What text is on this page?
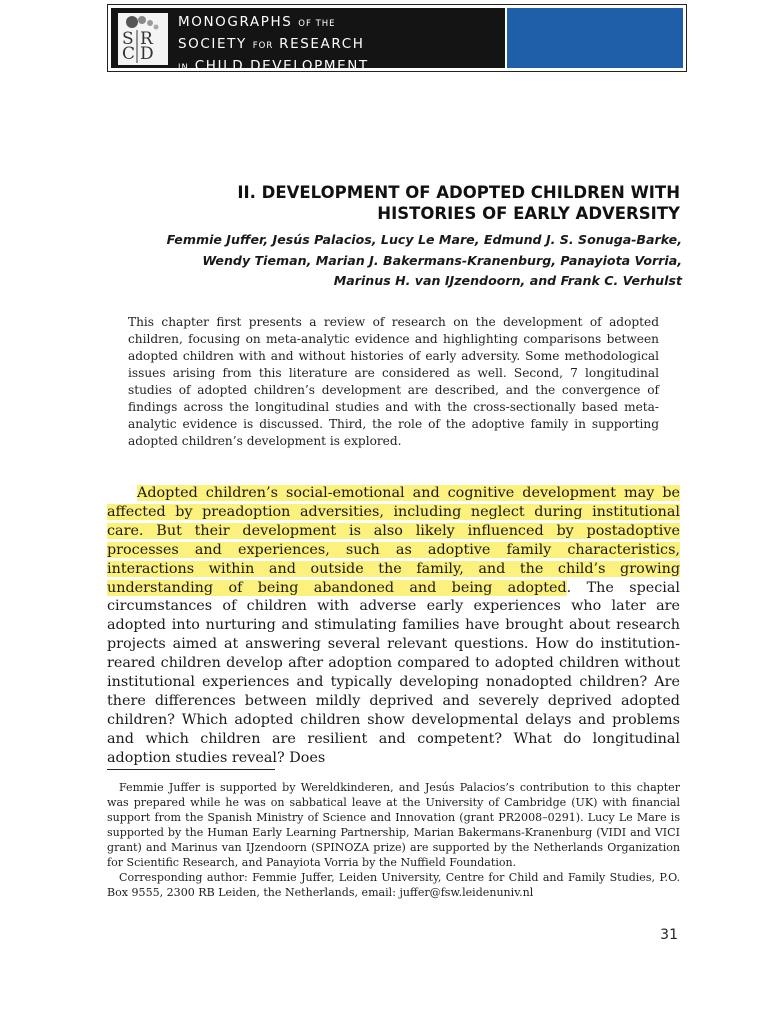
S R
C D
MONOGRAPHS OF THE
SOCIETY FOR RESEARCH
IN CHILD DEVELOPMENT
II. DEVELOPMENT OF ADOPTED CHILDREN WITH
HISTORIES OF EARLY ADVERSITY
Femmie Juffer, Jesús Palacios, Lucy Le Mare, Edmund J. S. Sonuga-Barke,
Wendy Tieman, Marian J. Bakermans-Kranenburg, Panayiota Vorria,
Marinus H. van IJzendoorn, and Frank C. Verhulst
This chapter first presents a review of research on the development of adopted children, focusing on meta-analytic evidence and highlighting comparisons between adopted children with and without histories of early adversity. Some methodological issues arising from this literature are considered as well. Second, 7 longitudinal studies of adopted children’s development are described, and the convergence of findings across the longitudinal studies and with the cross-sectionally based meta-analytic evidence is discussed. Third, the role of the adoptive family in supporting adopted children’s development is explored.
Adopted children’s social-emotional and cognitive development may be affected by preadoption adversities, including neglect during institutional care. But their development is also likely influenced by postadoptive processes and experiences, such as adoptive family characteristics, interactions within and outside the family, and the child’s growing understanding of being abandoned and being adopted. The special circumstances of children with adverse early experiences who later are adopted into nurturing and stimulating families have brought about research projects aimed at answering several relevant questions. How do institution-reared children develop after adoption compared to adopted children without institutional experiences and typically developing nonadopted children? Are there differences between mildly deprived and severely deprived adopted children? Which adopted children show developmental delays and problems and which children are resilient and competent? What do longitudinal adoption studies reveal? Does

Femmie Juffer is supported by Wereldkinderen, and Jesús Palacios’s contribution to this chapter was prepared while he was on sabbatical leave at the University of Cambridge (UK) with financial support from the Spanish Ministry of Science and Innovation (grant PR2008–0291). Lucy Le Mare is supported by the Human Early Learning Partnership, Marian Bakermans-Kranenburg (VIDI and VICI grant) and Marinus van IJzendoorn (SPINOZA prize) are supported by the Netherlands Organization for Scientific Research, and Panayiota Vorria by the Nuffield Foundation.

Corresponding author: Femmie Juffer, Leiden University, Centre for Child and Family Studies, P.O. Box 9555, 2300 RB Leiden, the Netherlands, email: juffer@fsw.leidenuniv.nl

31
